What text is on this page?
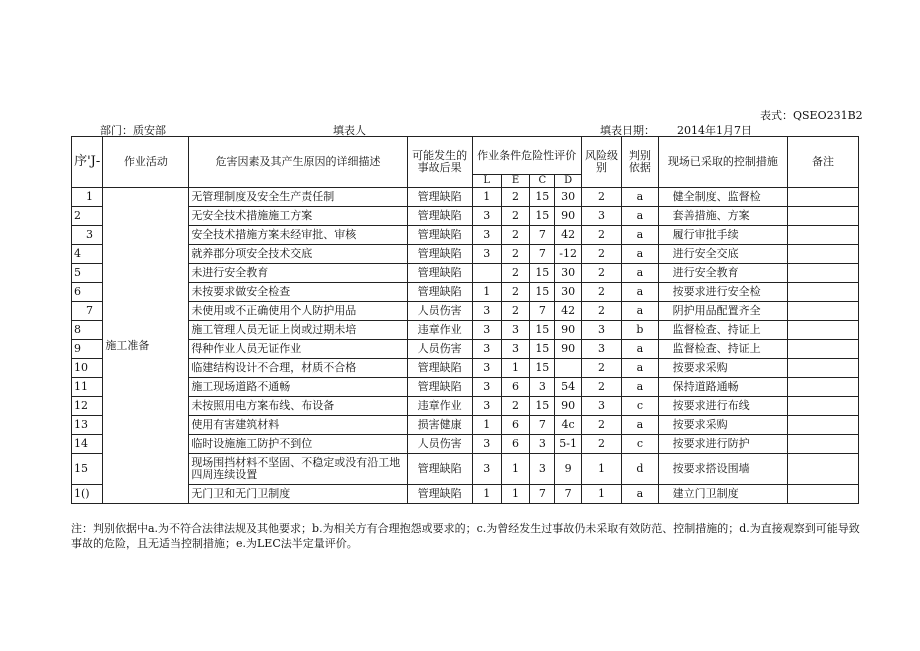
表式：QSEO231B2
部门：质安部	填表人	填表日期： 2014年1月7日
序'J-	作业活动	危害因素及其产生原因的详细描述	可能发生的事故后果	作业条件危险性评价				风险级别	判别依据	现场已采取的控制措施	备注
				L	E	C	D				
1	施工准备	无管理制度及安全生产责任制	管理缺陷	1	2	15	30	2	a	健全制度、监督检	
2		无安全技术措施施工方案	管理缺陷	3	2	15	90	3	a	套善措施、方案	
3		安全技术措施方案未经审批、审核	管理缺陷	3	2	7	42	2	a	履行审批手续	
4		就养郡分项安全技术交底	管理缺陷	3	2	7	-12	2	a	进行安全交底	
5		未进行安全教育	管理缺陷		2	15	30	2	a	进行安全教育	
6		未按要求做安全检查	管理缺陷	1	2	15	30	2	a	按要求进行安全检	
7		未使用或不正确使用个人防护用品	人员伤害	3	2	7	42	2	a	阴护用品配置齐全	
8		施工管理人员无证上岗或过期未培	违章作业	3	3	15	90	3	b	监督检查、持证上	
9		得种作业人员无证作业	人员伤害	3	3	15	90	3	a	监督检查、持证上	
10		临建结构设计不合理，材质不合格	管理缺陷	3	1	15		2	a	按要求采购	
11		施工现场道路不通畅	管理缺陷	3	6	3	54	2	a	保持道路通畅	
12		未按照用电方案布线、布设备	违章作业	3	2	15	90	3	c	按要求进行布线	
13		使用有害建筑材料	损害健康	1	6	7	4c	2	a	按要求采购	
14		临时设施施工防护不到位	人员伤害	3	6	3	5-1	2	c	按要求进行防护	
15		现场围挡材料不坚固、不稳定或没有沿工地四周连续设置	管理缺陷	3	1	3	9	1	d	按要求搭设围墙	
1()		无门卫和无门卫制度	管理缺陷	1	1	7	7	1	a	建立门卫制度	
注：判别依据中a.为不符合法律法规及其他要求；b.为相关方有合理抱怨或要求的；c.为曾经发生过事故仍未采取有效防范、控制措施的；d.为直接观察到可能导致事故的危险，且无适当控制措施；e.为LEC法半定量评价。
